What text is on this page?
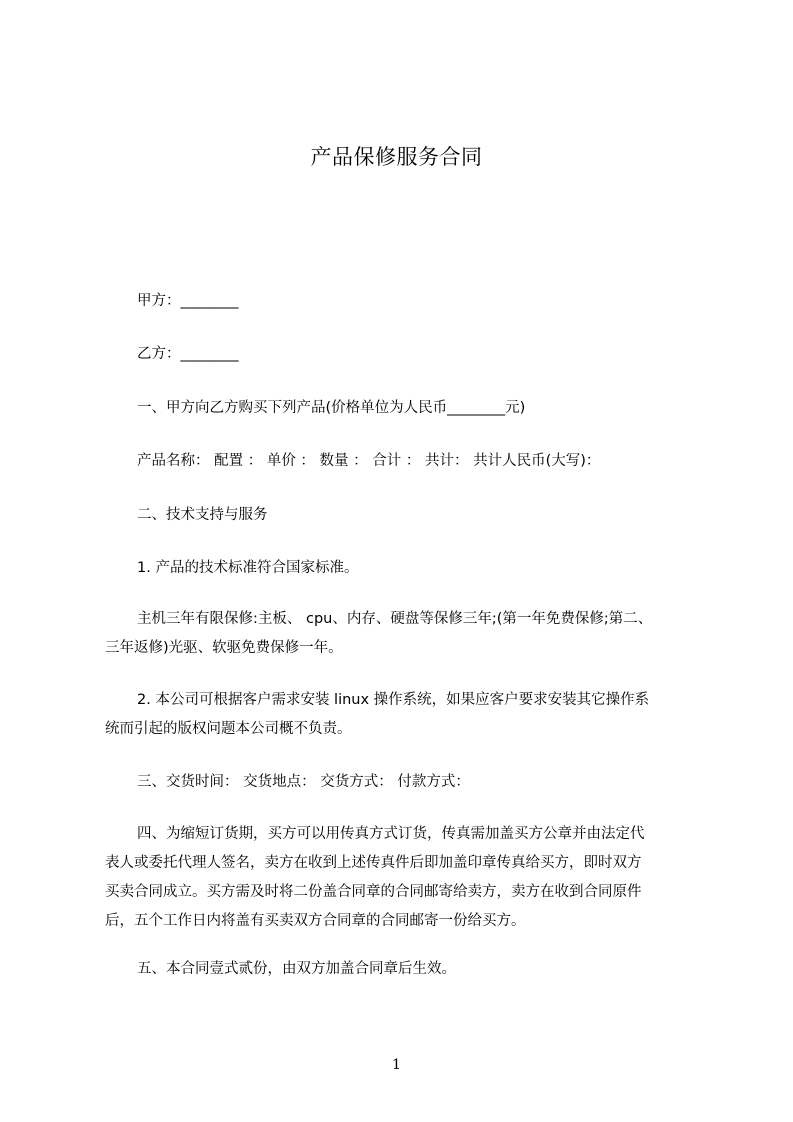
产品保修服务合同
甲方：________
乙方：________
一、甲方向乙方购买下列产品(价格单位为人民币________元)
产品名称： 配置 ： 单价 ： 数量 ： 合计 ： 共计： 共计人民币(大写)：
二、技术支持与服务
1. 产品的技术标准符合国家标准。
主机三年有限保修:主板、 cpu、内存、硬盘等保修三年;(第一年免费保修;第二、
三年返修)光驱、软驱免费保修一年。
2. 本公司可根据客户需求安装 linux 操作系统，如果应客户要求安装其它操作系
统而引起的版权问题本公司概不负责。
三、交货时间： 交货地点： 交货方式： 付款方式：
四、为缩短订货期，买方可以用传真方式订货，传真需加盖买方公章并由法定代
表人或委托代理人签名，卖方在收到上述传真件后即加盖印章传真给买方，即时双方
买卖合同成立。买方需及时将二份盖合同章的合同邮寄给卖方，卖方在收到合同原件
后，五个工作日内将盖有买卖双方合同章的合同邮寄一份给买方。
五、本合同壹式贰份，由双方加盖合同章后生效。
1
